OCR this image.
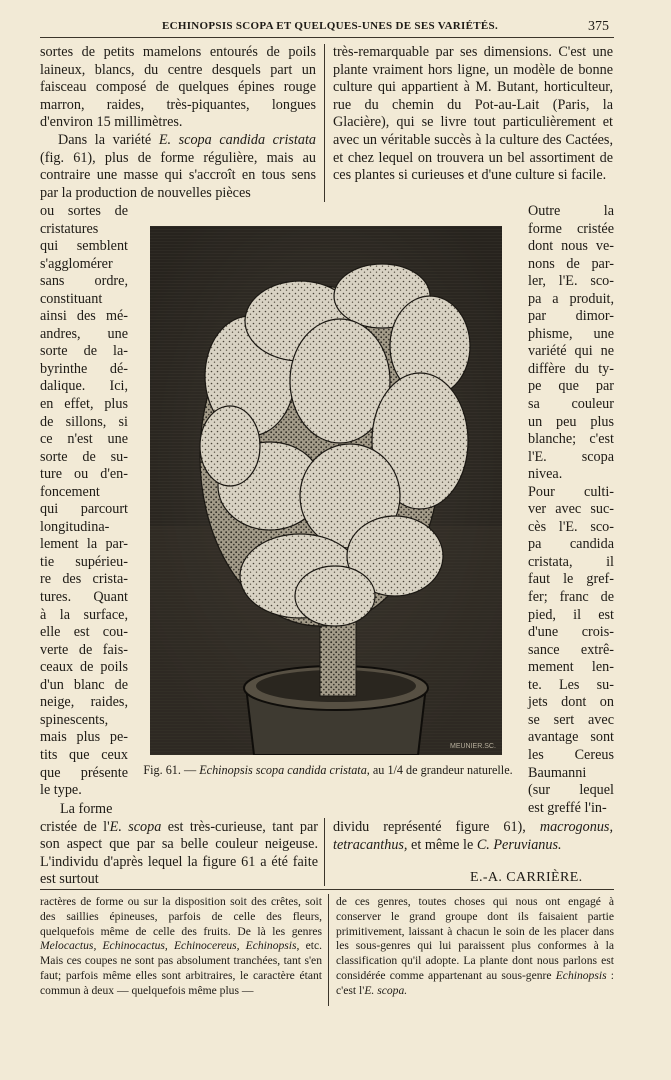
ECHINOPSIS SCOPA ET QUELQUES-UNES DE SES VARIÉTÉS.	375

sortes de petits mamelons entourés de poils laineux, blancs, du centre desquels part un faisceau composé de quelques épines rouge marron, raides, très-piquantes, longues d'environ 15 millimètres.

Dans la variété E. scopa candida cristata (fig. 61), plus de forme régulière, mais au contraire une masse qui s'accroît en tous sens par la production de nouvelles pièces

très-remarquable par ses dimensions. C'est une plante vraiment hors ligne, un modèle de bonne culture qui appartient à M. Butant, horticulteur, rue du chemin du Pot-au-Lait (Paris, la Glacière), qui se livre tout particulièrement et avec un véritable succès à la culture des Cactées, et chez lequel on trouvera un bel assortiment de ces plantes si curieuses et d'une culture si facile.

ou sortes de
cristatures
qui semblent
s'agglomérer
sans ordre,
constituant
ainsi des mé-
andres, une
sorte de la-
byrinthe dé-
dalique. Ici,
en effet, plus
de sillons, si
ce n'est une
sorte de su-
ture ou d'en-
foncement
qui parcourt
longitudina-
lement la par-
tie supérieu-
re des crista-
tures. Quant
à la surface,
elle est cou-
verte de fais-
ceaux de poils
d'un blanc de
neige, raides,
spinescents,
mais plus pe-
tits que ceux
que présente
le type.
Outre la
forme cristée
dont nous ve-
nons de par-
ler, l'E. sco-
pa a produit,
par dimor-
phisme, une
variété qui ne
diffère du ty-
pe que par
sa couleur
un peu plus
blanche; c'est
l'E. scopa
nivea.
Pour culti-
ver avec suc-
cès l'E. sco-
pa candida
cristata, il
faut le gref-
fer; franc de
pied, il est
d'une crois-
sance extrê-
mement len-
te. Les su-
jets dont on
se sert avec
avantage sont
les Cereus
Baumanni
(sur lequel
est greffé l'in-
MEUNIER.SC.
Fig. 61. — Echinopsis scopa candida cristata, au 1/4 de grandeur naturelle.

La forme

cristée de l'E. scopa est très-curieuse, tant par son aspect que par sa belle couleur neigeuse. L'individu d'après lequel la figure 61 a été faite est surtout

dividu représenté figure 61), macrogonus, tetracanthus, et même le C. Peruvianus.

E.-A. CARRIÈRE.
ractères de forme ou sur la disposition soit des crêtes, soit des saillies épineuses, parfois de celle des fleurs, quelquefois même de celle des fruits. De là les genres Melocactus, Echinocactus, Echinocereus, Echinopsis, etc. Mais ces coupes ne sont pas absolument tranchées, tant s'en faut; parfois même elles sont arbitraires, le caractère étant commun à deux — quelquefois même plus —
de ces genres, toutes choses qui nous ont engagé à conserver le grand groupe dont ils faisaient partie primitivement, laissant à chacun le soin de les placer dans les sous-genres qui lui paraissent plus conformes à la classification qu'il adopte. La plante dont nous parlons est considérée comme appartenant au sous-genre Echinopsis : c'est l'E. scopa.
